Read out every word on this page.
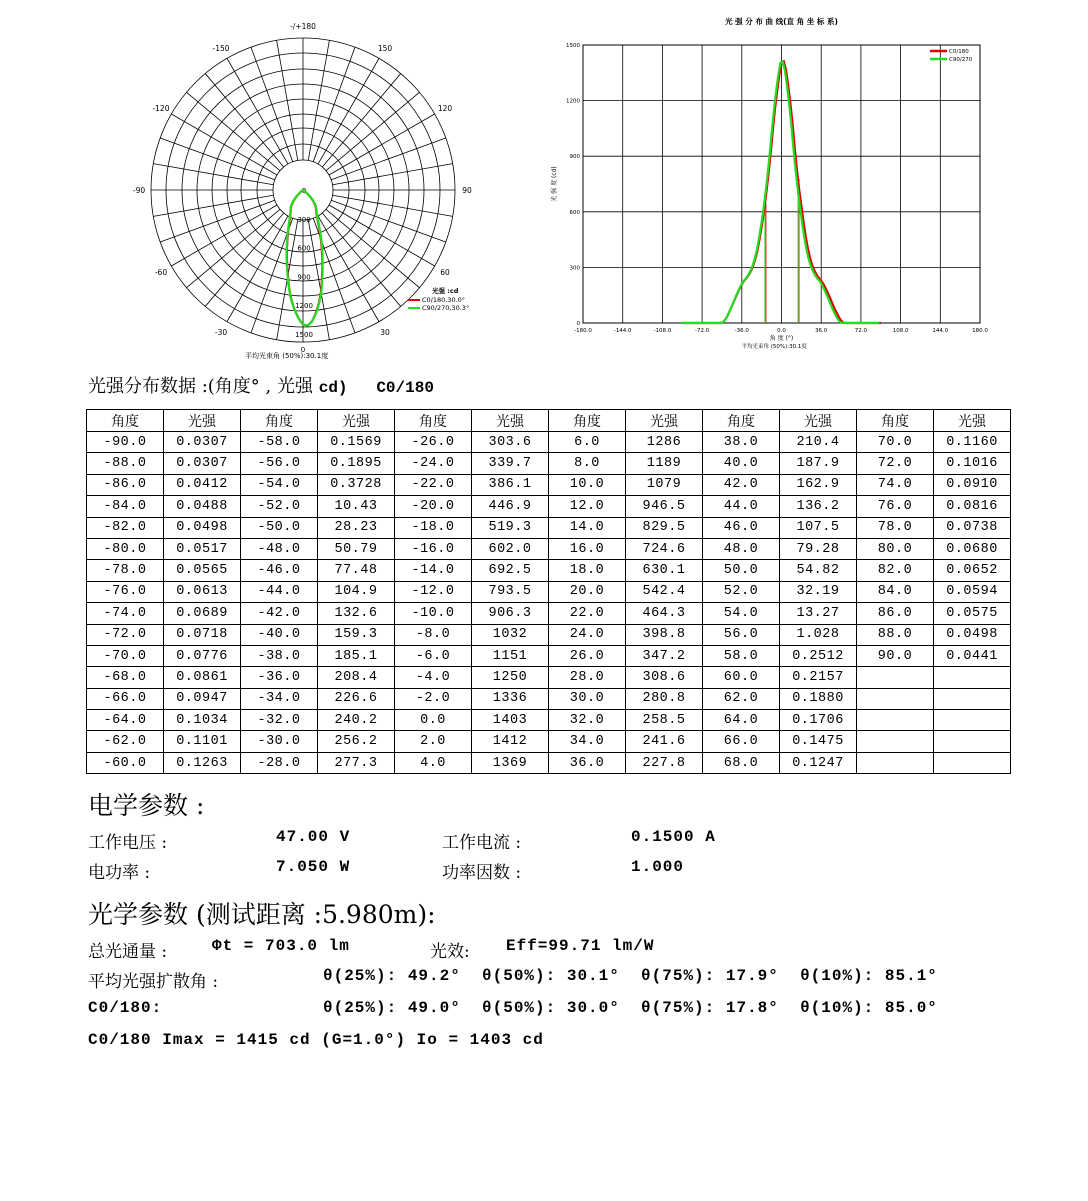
-/+180
150
120
90
60
30
-30
-60
-90
-120
-150
0
300
600
900
1200
1500
0
光强 :cd
C0/180,30.0°
C90/270,30.3°
平均光束角 (50%):30.1度
光 强 分 布 曲 线(直 角 坐 标 系)
-180.0	-144.0	-108.0	-72.0	-36.0	0.0	36.0	72.0	108.0	144.0	180.0
0
300
600
900
1200
1500
光 强 度 (cd)
角 度 (°)
平均光束角 (50%):30.1度
C0/180
C90/270
光强分布数据 :(角度° , 光强 cd)   C0/180
角度	光强	角度	光强	角度	光强	角度	光强	角度	光强	角度	光强
-90.0	0.0307	-58.0	0.1569	-26.0	303.6	6.0	1286	38.0	210.4	70.0	0.1160
-88.0	0.0307	-56.0	0.1895	-24.0	339.7	8.0	1189	40.0	187.9	72.0	0.1016
-86.0	0.0412	-54.0	0.3728	-22.0	386.1	10.0	1079	42.0	162.9	74.0	0.0910
-84.0	0.0488	-52.0	10.43	-20.0	446.9	12.0	946.5	44.0	136.2	76.0	0.0816
-82.0	0.0498	-50.0	28.23	-18.0	519.3	14.0	829.5	46.0	107.5	78.0	0.0738
-80.0	0.0517	-48.0	50.79	-16.0	602.0	16.0	724.6	48.0	79.28	80.0	0.0680
-78.0	0.0565	-46.0	77.48	-14.0	692.5	18.0	630.1	50.0	54.82	82.0	0.0652
-76.0	0.0613	-44.0	104.9	-12.0	793.5	20.0	542.4	52.0	32.19	84.0	0.0594
-74.0	0.0689	-42.0	132.6	-10.0	906.3	22.0	464.3	54.0	13.27	86.0	0.0575
-72.0	0.0718	-40.0	159.3	-8.0	1032	24.0	398.8	56.0	1.028	88.0	0.0498
-70.0	0.0776	-38.0	185.1	-6.0	1151	26.0	347.2	58.0	0.2512	90.0	0.0441
-68.0	0.0861	-36.0	208.4	-4.0	1250	28.0	308.6	60.0	0.2157		
-66.0	0.0947	-34.0	226.6	-2.0	1336	30.0	280.8	62.0	0.1880		
-64.0	0.1034	-32.0	240.2	0.0	1403	32.0	258.5	64.0	0.1706		
-62.0	0.1101	-30.0	256.2	2.0	1412	34.0	241.6	66.0	0.1475		
-60.0	0.1263	-28.0	277.3	4.0	1369	36.0	227.8	68.0	0.1247		
电学参数 :

工作电压 :

	47.00 V

	工作电流 :

	0.1500 A

电功率 :

	7.050 W

	功率因数 :

	1.000

光学参数 (测试距离 :5.980m):

总光通量 :

	Φt = 703.0 lm

	光效:

Eff=99.71 lm/W

平均光强扩散角 :

	θ(25%): 49.2°  θ(50%): 30.1°  θ(75%): 17.9°  θ(10%): 85.1°

C0/180:

	θ(25%): 49.0°  θ(50%): 30.0°  θ(75%): 17.8°  θ(10%): 85.0°

C0/180 Imax = 1415 cd (G=1.0°) Io = 1403 cd
